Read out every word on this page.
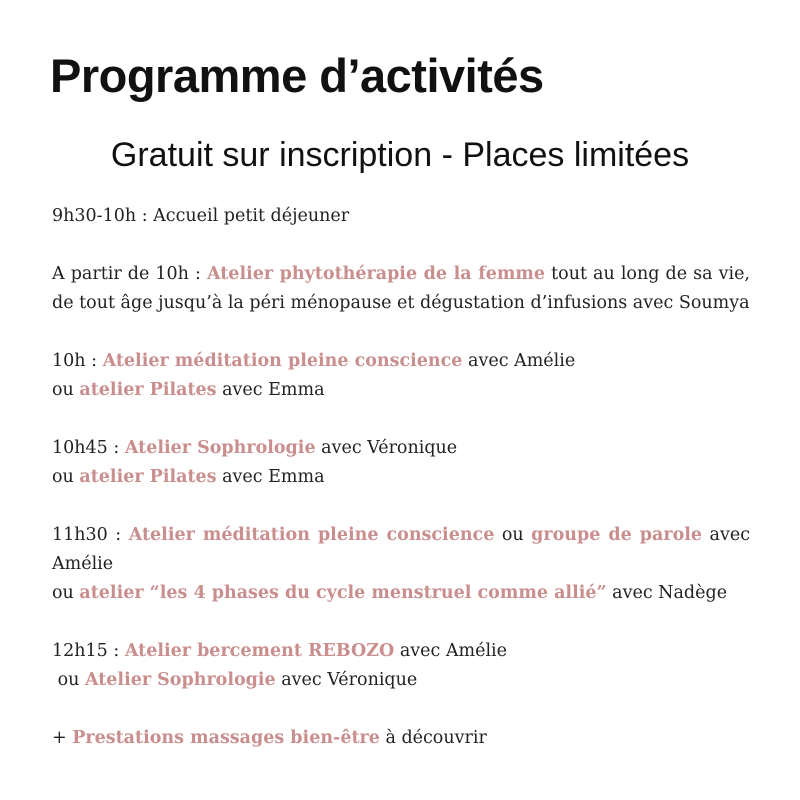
Programme d’activités
Gratuit sur inscription - Places limitées

9h30-10h : Accueil petit déjeuner

A partir de 10h : Atelier phytothérapie de la femme tout au long de sa vie, de tout âge jusqu’à la péri ménopause et dégustation d’infusions avec Soumya

10h : Atelier méditation pleine conscience avec Amélie
ou atelier Pilates avec Emma

10h45 : Atelier Sophrologie avec Véronique
ou atelier Pilates avec Emma

11h30 : Atelier méditation pleine conscience ou groupe de parole avec Amélie
ou atelier “les 4 phases du cycle menstruel comme allié” avec Nadège

12h15 : Atelier bercement REBOZO avec Amélie
ou Atelier Sophrologie avec Véronique

+ Prestations massages bien-être à découvrir
